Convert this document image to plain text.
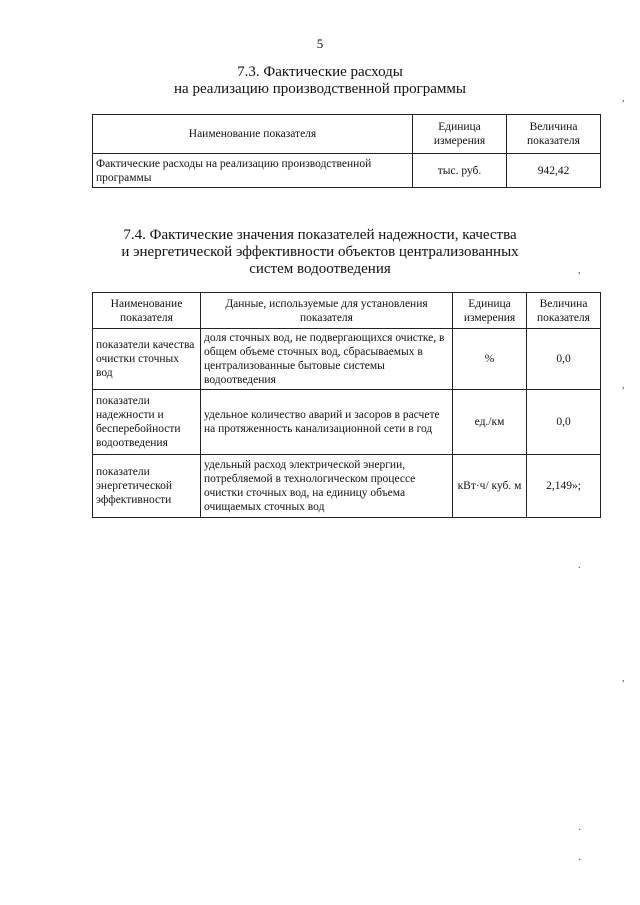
5
7.3. Фактические расходы
на реализацию производственной программы
Наименование показателя	Единица измерения	Величина показателя
Фактические расходы на реализацию производственной программы	тыс. руб.	942,42
7.4. Фактические значения показателей надежности, качества
и энергетической эффективности объектов централизованных
систем водоотведения
Наименование показателя	Данные, используемые для установления показателя	Единица измерения	Величина показателя
показатели качества очистки сточных вод	доля сточных вод, не подвергающихся очистке, в общем объеме сточных вод, сбрасываемых в централизованные бытовые системы водоотведения	%	0,0
показатели надежности и бесперебойности водоотведения	удельное количество аварий и засоров в расчете на протяженность канализационной сети в год	ед./км	0,0
показатели энергетической эффективности	удельный расход электрической энергии, потребляемой в технологическом процессе очистки сточных вод, на единицу объема очищаемых сточных вод	кВт·ч/ куб. м	2,149»;
,
,
,
.
,
·
·
